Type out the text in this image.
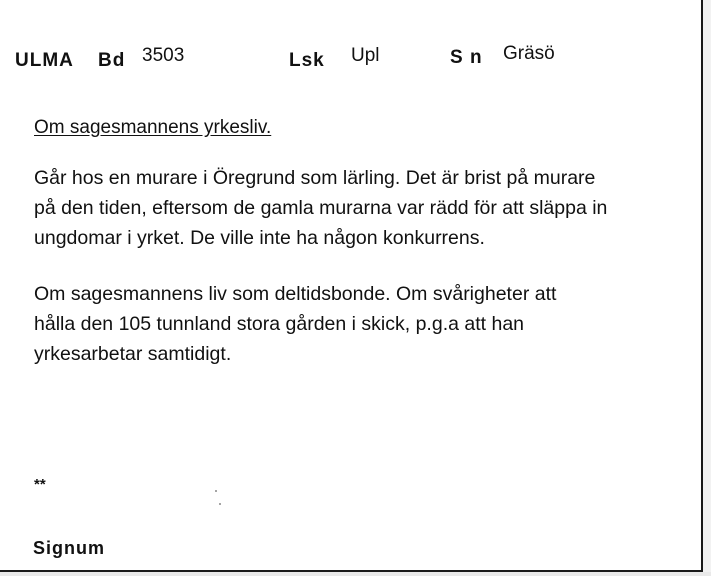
ULMA Bd 3503	Lsk Upl	S n Gräsö
Om sagesmannens yrkesliv.

Går hos en murare i Öregrund som lärling. Det är brist på murare
på den tiden, eftersom de gamla murarna var rädd för att släppa in
ungdomar i yrket. De ville inte ha någon konkurrens.

Om sagesmannens liv som deltidsbonde. Om svårigheter att
hålla den 105 tunnland stora gården i skick, p.g.a att han
yrkesarbetar samtidigt.

**
Signum
